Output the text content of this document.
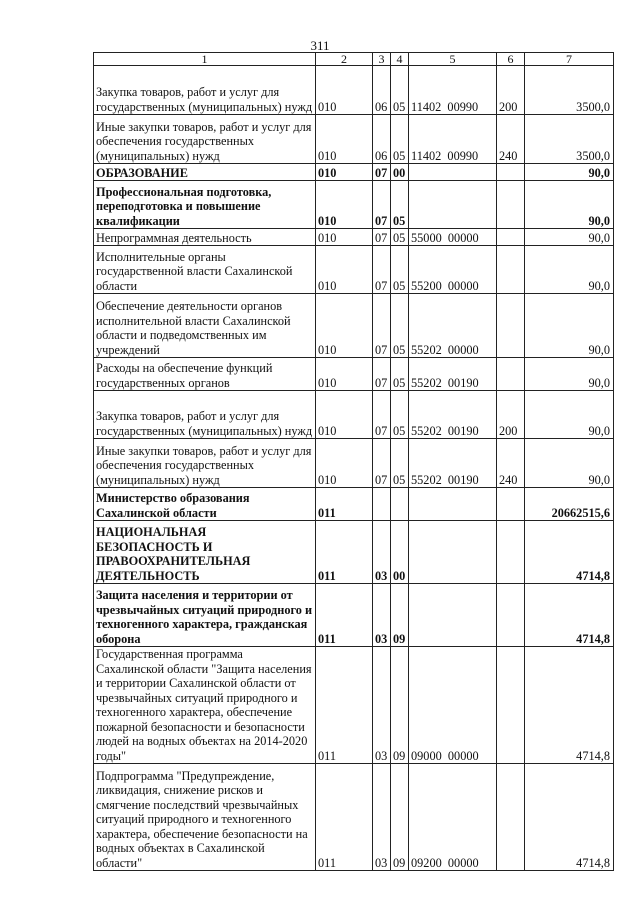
311
1	2	3	4	5	6	7
Закупка товаров, работ и услуг для государственных (муниципальных) нужд	010	06	05	11402  00990	200	3500,0
Иные закупки товаров, работ и услуг для обеспечения государственных (муниципальных) нужд	010	06	05	11402  00990	240	3500,0
ОБРАЗОВАНИЕ	010	07	00			90,0
Профессиональная подготовка, переподготовка и повышение квалификации	010	07	05			90,0
Непрограммная деятельность	010	07	05	55000  00000		90,0
Исполнительные органы государственной власти Сахалинской области	010	07	05	55200  00000		90,0
Обеспечение деятельности органов исполнительной власти Сахалинской области и подведомственных им учреждений	010	07	05	55202  00000		90,0
Расходы на обеспечение функций государственных органов	010	07	05	55202  00190		90,0
Закупка товаров, работ и услуг для государственных (муниципальных) нужд	010	07	05	55202  00190	200	90,0
Иные закупки товаров, работ и услуг для обеспечения государственных (муниципальных) нужд	010	07	05	55202  00190	240	90,0
Министерство образования Сахалинской области	011					20662515,6
НАЦИОНАЛЬНАЯ БЕЗОПАСНОСТЬ И ПРАВООХРАНИТЕЛЬНАЯ ДЕЯТЕЛЬНОСТЬ	011	03	00			4714,8
Защита населения и территории от чрезвычайных ситуаций природного и техногенного характера, гражданская оборона	011	03	09			4714,8
Государственная программа Сахалинской области "Защита населения и территории Сахалинской области от чрезвычайных ситуаций природного и техногенного характера, обеспечение пожарной безопасности и безопасности людей на водных объектах на 2014-2020 годы"	011	03	09	09000  00000		4714,8
Подпрограмма "Предупреждение, ликвидация, снижение рисков и смягчение последствий чрезвычайных ситуаций природного и техногенного характера, обеспечение безопасности на водных объектах в Сахалинской области"	011	03	09	09200  00000		4714,8
